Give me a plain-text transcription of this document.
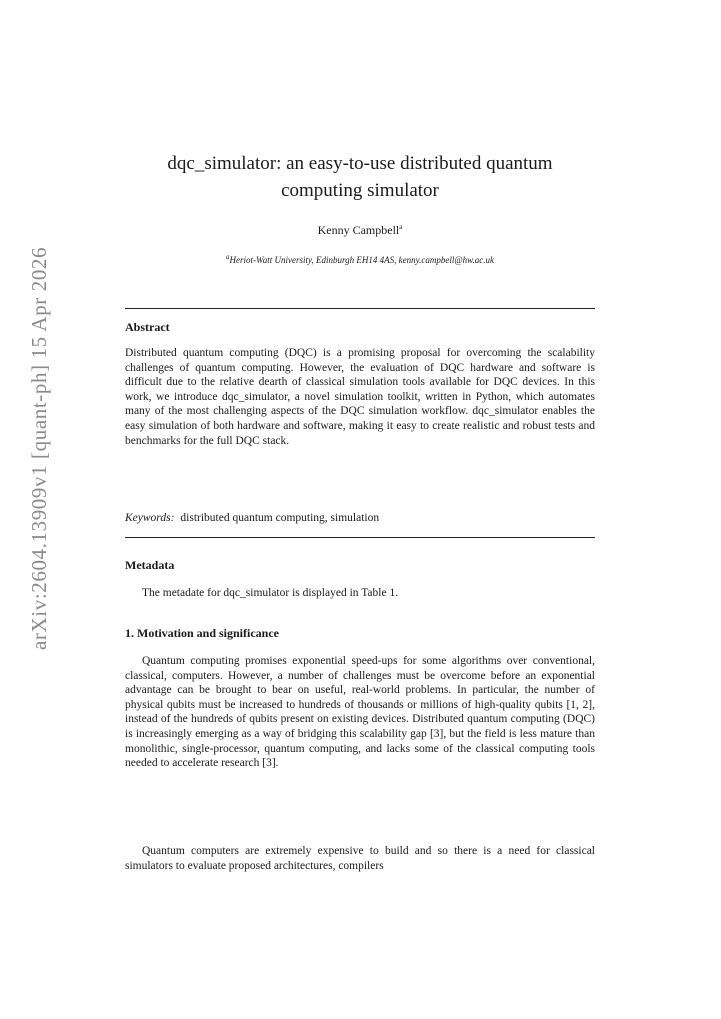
arXiv:2604.13909v1 [quant-ph] 15 Apr 2026
dqc_simulator: an easy-to-use distributed quantum computing simulator
Kenny Campbell$^a$
$^a$Heriot-Watt University, Edinburgh EH14 4AS, kenny.campbell@hw.ac.uk
Abstract

Distributed quantum computing (DQC) is a promising proposal for overcoming the scalability challenges of quantum computing. However, the evaluation of DQC hardware and software is difficult due to the relative dearth of classical simulation tools available for DQC devices. In this work, we introduce dqc_simulator, a novel simulation toolkit, written in Python, which automates many of the most challenging aspects of the DQC simulation workflow. dqc_simulator enables the easy simulation of both hardware and software, making it easy to create realistic and robust tests and benchmarks for the full DQC stack.

Keywords: distributed quantum computing, simulation
Metadata

The metadate for dqc_simulator is displayed in Table 1.

1. Motivation and significance

Quantum computing promises exponential speed-ups for some algorithms over conventional, classical, computers. However, a number of challenges must be overcome before an exponential advantage can be brought to bear on useful, real-world problems. In particular, the number of physical qubits must be increased to hundreds of thousands or millions of high-quality qubits [1, 2], instead of the hundreds of qubits present on existing devices. Distributed quantum computing (DQC) is increasingly emerging as a way of bridging this scalability gap [3], but the field is less mature than monolithic, single-processor, quantum computing, and lacks some of the classical computing tools needed to accelerate research [3].

Quantum computers are extremely expensive to build and so there is a need for classical simulators to evaluate proposed architectures, compilers
